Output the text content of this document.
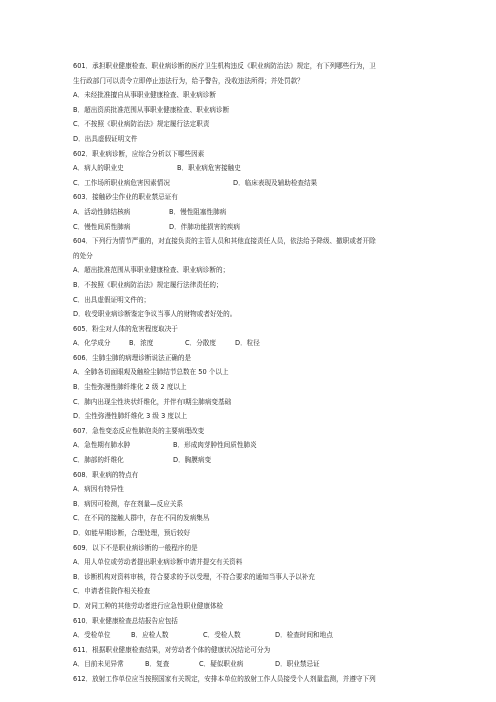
601．承担职业健康检查、职业病诊断的医疗卫生机构违反《职业病防治法》规定，有下列哪些行为，卫
生行政部门可以责令立即停止违法行为，给予警告，没收违法所得；并处罚款？
A．未经批准擅自从事职业健康检查、职业病诊断
B．超出资质批准范围从事职业健康检查、职业病诊断
C．不按照《职业病防治法》规定履行法定职责
D．出具虚假证明文件
602．职业病诊断，应综合分析以下哪些因素
A．病人的职业史	B．职业病危害接触史
C．工作场所职业病危害因素情况	D．临床表现及辅助检查结果
603．接触砂尘作业的职业禁忌证有
A．活动性肺结核病	B．慢性阻塞性肺病
C．慢性间质性肺病	D．伴肺功能损害的疾病
604．下列行为情节严重的，对直接负责的主管人员和其他直接责任人员，依法给予降级、撤职或者开除
的处分
A．超出批准范围从事职业健康检查、职业病诊断的；
B．不按照《职业病防治法》规定履行法律责任的；
C．出具虚假证明文件的；
D．收受职业病诊断鉴定争议当事人的财物或者好处的。
605．粉尘对人体的危害程度取决于
A．化学成分	B．浓度	C．分散度	D．粒径
606．尘肺尘肺的病理诊断说法正确的是
A．全肺各切面眼观及触检尘肺结节总数在 50 个以上
B．尘性弥漫性肺纤维化 2 级 2 度以上
C．肺内出现尘性块状纤维化，并伴有Ⅰ期尘肺病变基础
D．尘性弥漫性肺纤维化 3 级 3 度以上
607．急性变态反应性肺泡炎的主要病理改变
A．急性期有肺水肿	B．形成肉芽肿性间质性肺炎
C．肺部的纤维化	D．胸膜病变
608．职业病的特点有
A．病因有特异性
B．病因可检测，存在剂量—反应关系
C．在不同的接触人群中，存在不同的发病集丛
D．如能早期诊断，合理处理，预后较好
609．以下不是职业病诊断的一般程序的是
A．用人单位或劳动者提出职业病诊断申请并提交有关资料
B．诊断机构对资料审核，符合要求的予以受理，不符合要求的通知当事人予以补充
C．申请者住院作相关检查
D．对同工种的其他劳动者进行应急性职业健康体检
610．职业健康检查总结报告应包括
A．受检单位	B．应检人数	C．受检人数	D．检查时间和地点
611．根据职业健康检查结果，对劳动者个体的健康状况结论可分为
A．目前未见异常	B．复查	C．疑似职业病	D．职业禁忌证
612．放射工作单位应当按照国家有关规定，安排本单位的放射工作人员接受个人剂量监测，并遵守下列
